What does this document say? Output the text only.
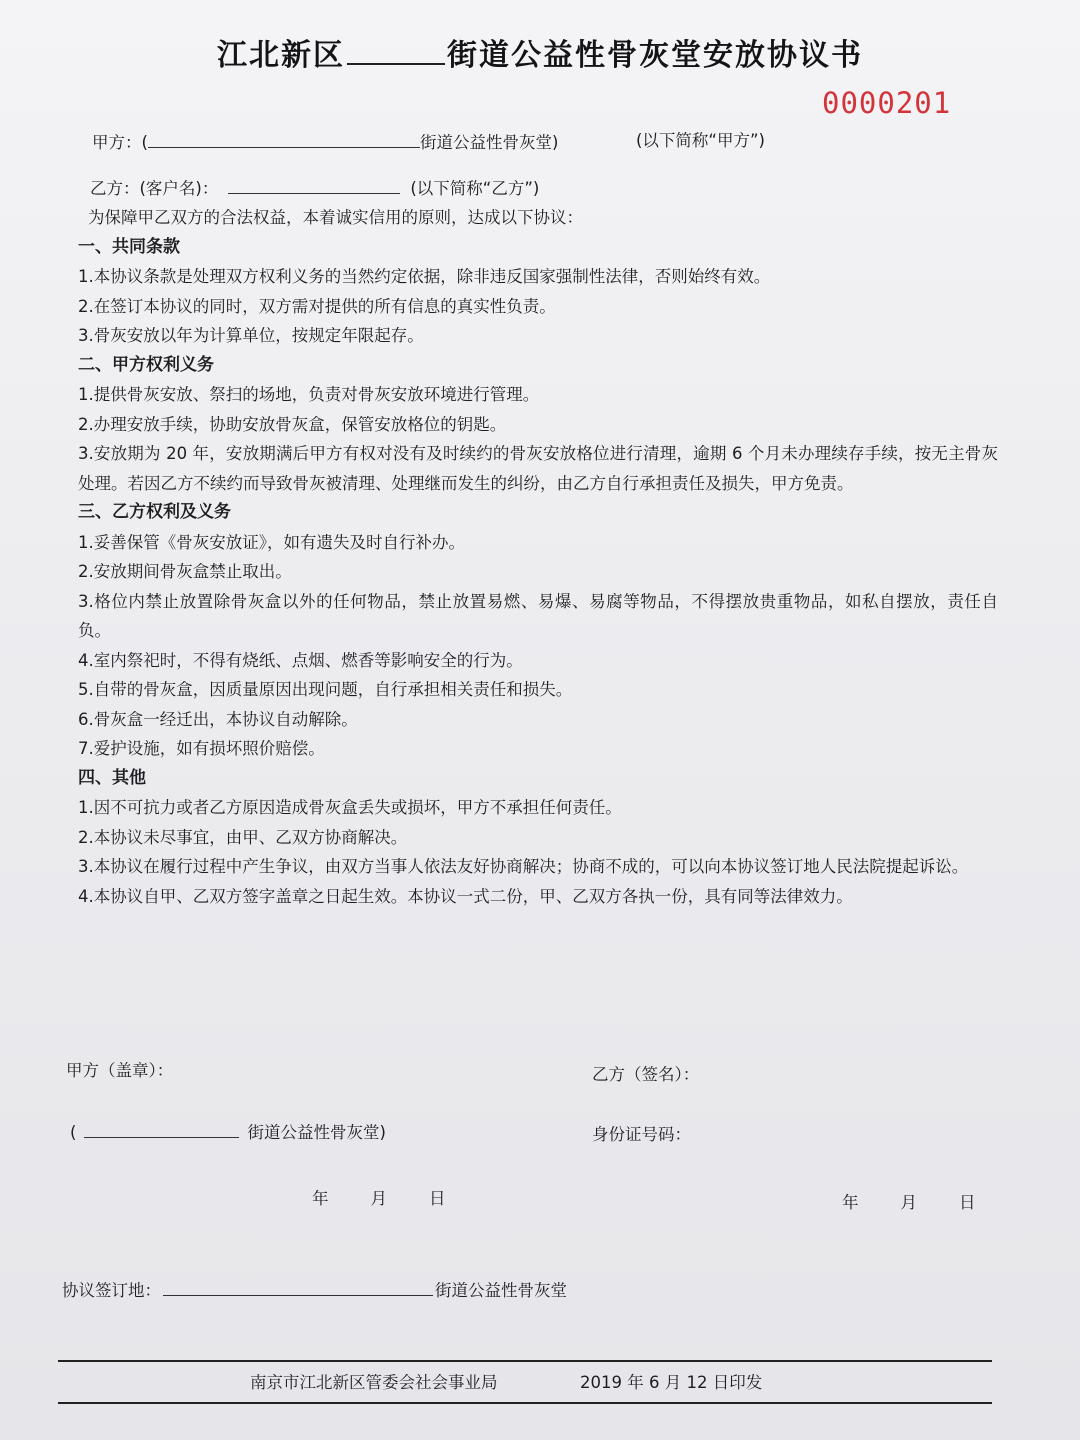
江北新区	街道公益性骨灰堂安放协议书
0000201
甲方：(	街道公益性骨灰堂)	(以下简称“甲方”)
乙方：(客户名)：	(以下简称“乙方”)

为保障甲乙双方的合法权益，本着诚实信用的原则，达成以下协议：

一、共同条款

1.本协议条款是处理双方权利义务的当然约定依据，除非违反国家强制性法律，否则始终有效。

2.在签订本协议的同时，双方需对提供的所有信息的真实性负责。

3.骨灰安放以年为计算单位，按规定年限起存。

二、甲方权利义务

1.提供骨灰安放、祭扫的场地，负责对骨灰安放环境进行管理。

2.办理安放手续，协助安放骨灰盒，保管安放格位的钥匙。

3.安放期为 20 年，安放期满后甲方有权对没有及时续约的骨灰安放格位进行清理，逾期 6 个月未办理续存手续，按无主骨灰处理。若因乙方不续约而导致骨灰被清理、处理继而发生的纠纷，由乙方自行承担责任及损失，甲方免责。

三、乙方权利及义务

1.妥善保管《骨灰安放证》，如有遗失及时自行补办。

2.安放期间骨灰盒禁止取出。

3.格位内禁止放置除骨灰盒以外的任何物品，禁止放置易燃、易爆、易腐等物品，不得摆放贵重物品，如私自摆放，责任自负。

4.室内祭祀时，不得有烧纸、点烟、燃香等影响安全的行为。

5.自带的骨灰盒，因质量原因出现问题，自行承担相关责任和损失。

6.骨灰盒一经迁出，本协议自动解除。

7.爱护设施，如有损坏照价赔偿。

四、其他

1.因不可抗力或者乙方原因造成骨灰盒丢失或损坏，甲方不承担任何责任。

2.本协议未尽事宜，由甲、乙双方协商解决。

3.本协议在履行过程中产生争议，由双方当事人依法友好协商解决；协商不成的，可以向本协议签订地人民法院提起诉讼。

4.本协议自甲、乙双方签字盖章之日起生效。本协议一式二份，甲、乙双方各执一份，具有同等法律效力。

甲方（盖章）：	乙方（签名）：
(	街道公益性骨灰堂)	身份证号码：
年	月	日	年	月	日
协议签订地：	街道公益性骨灰堂
南京市江北新区管委会社会事业局	2019 年 6 月 12 日印发
